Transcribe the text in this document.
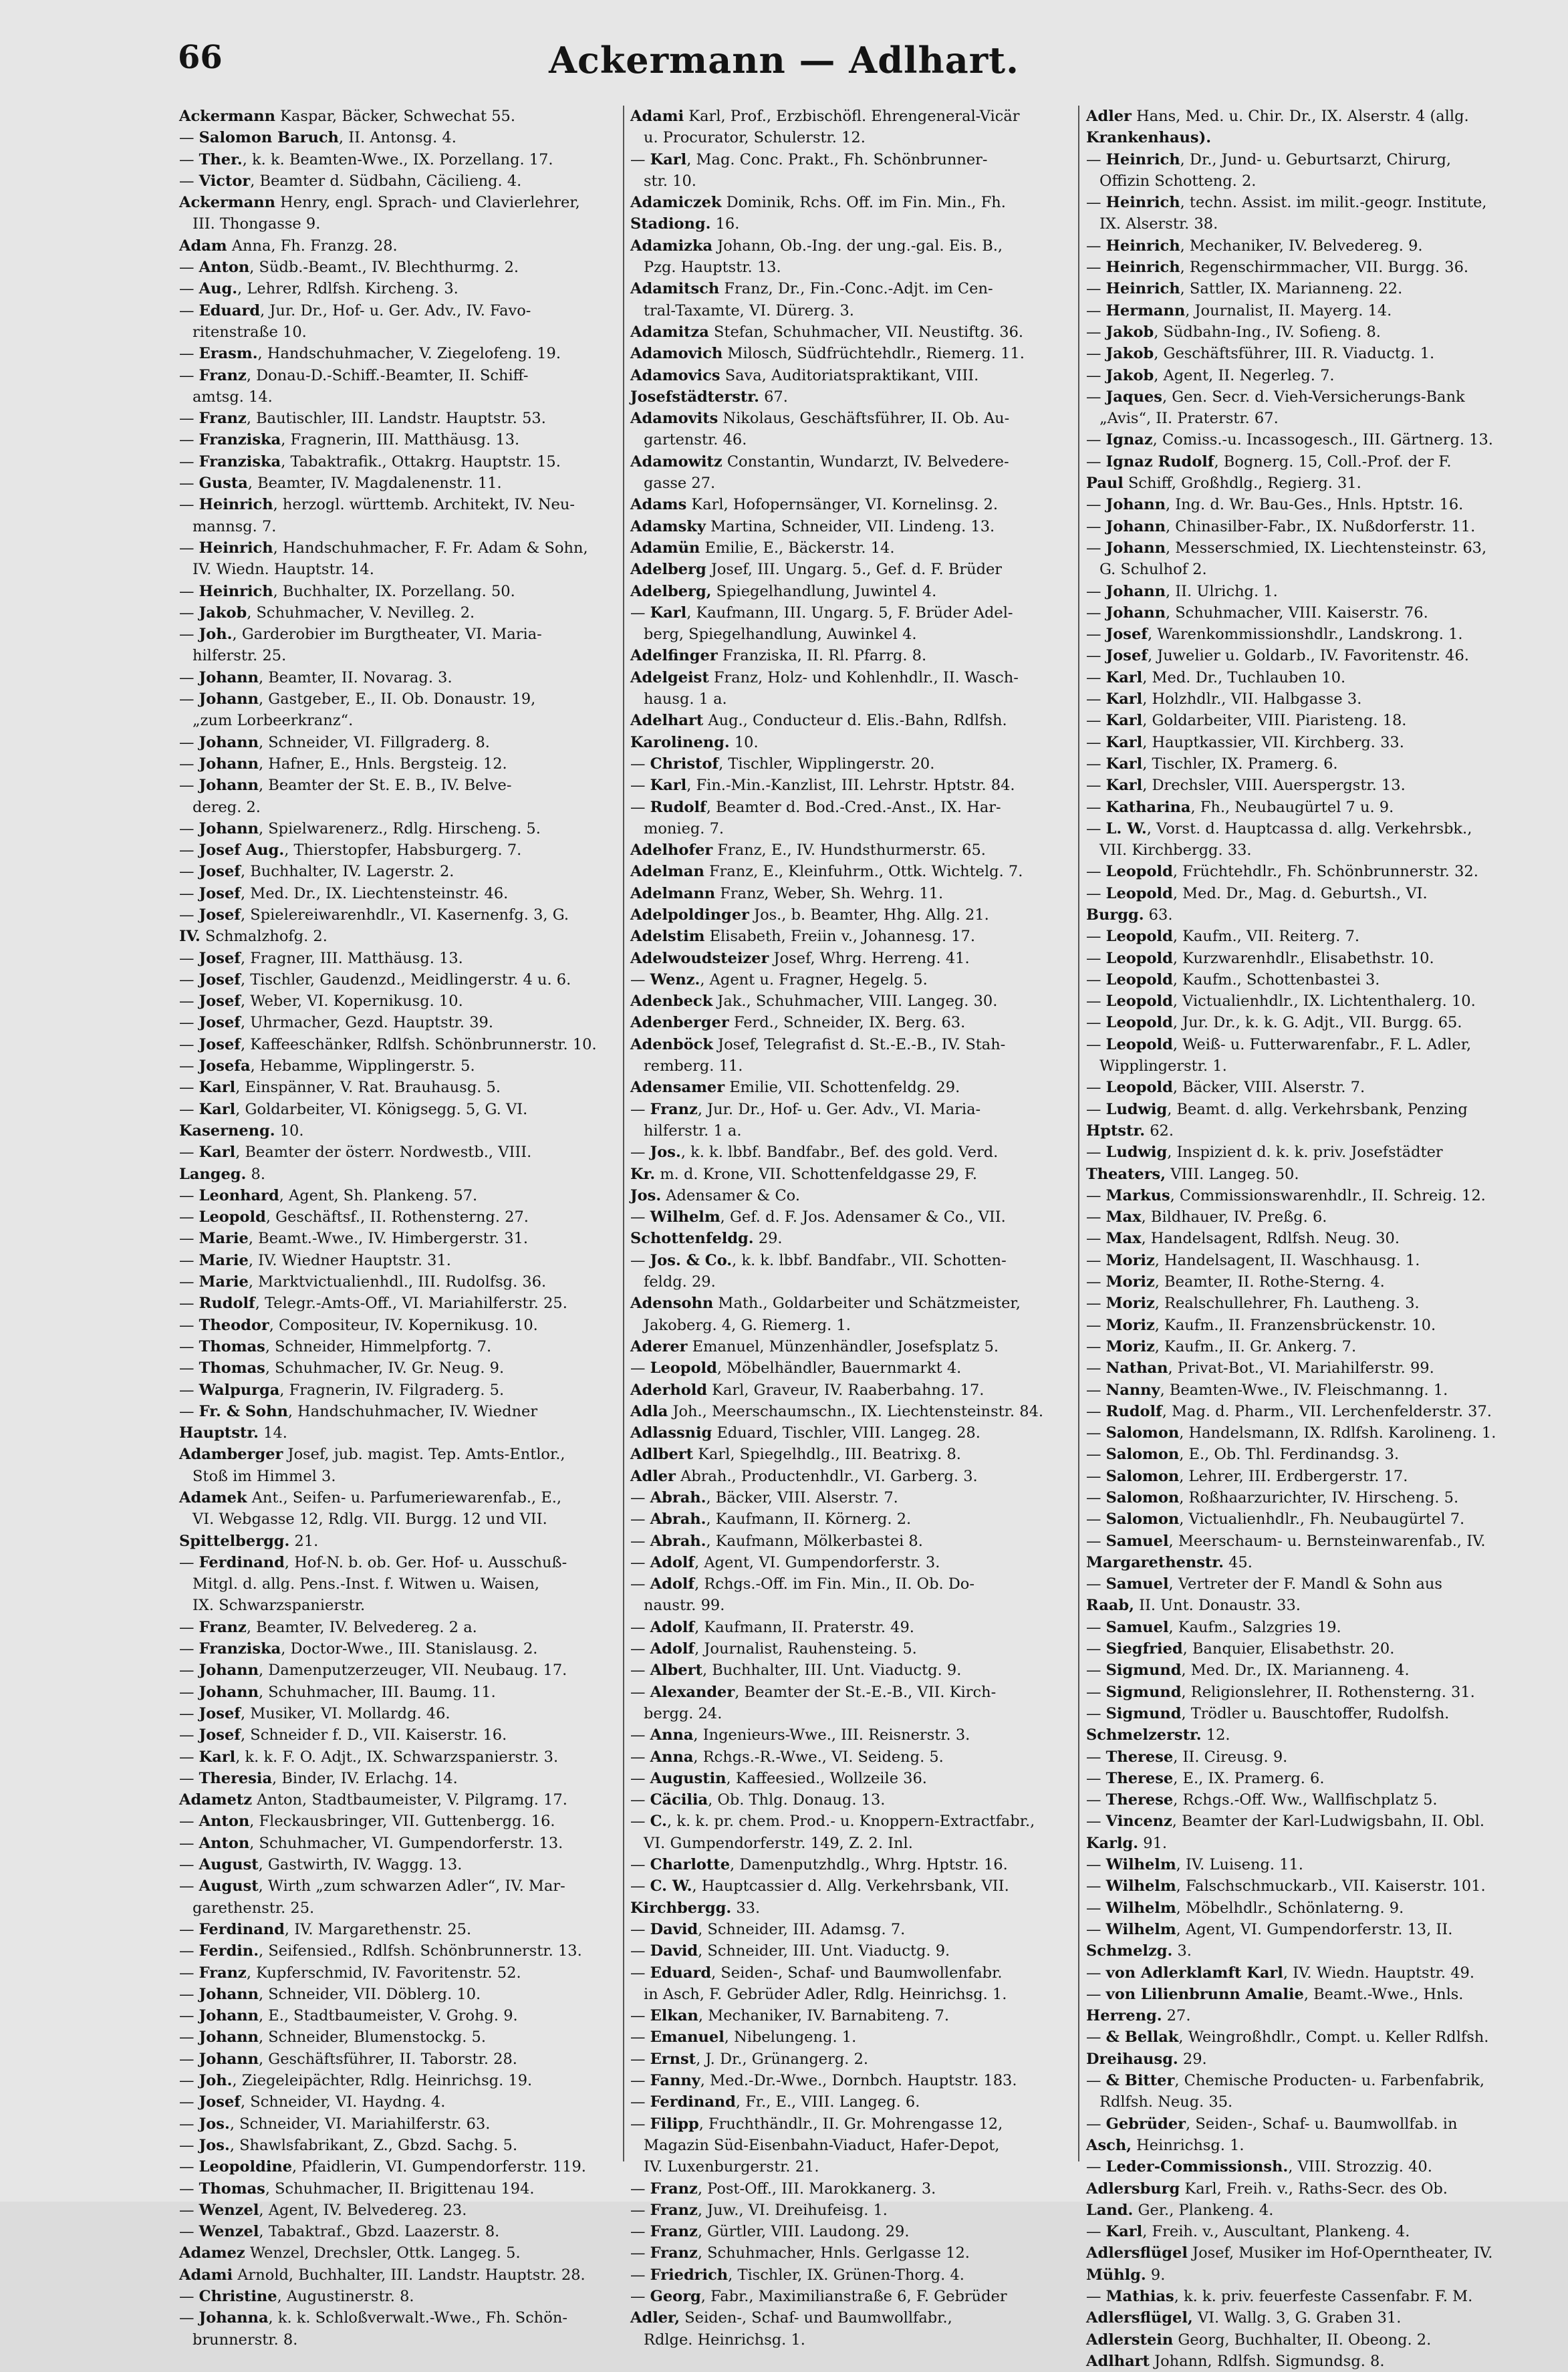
66	Ackermann — Adlhart.
Ackermann Kaspar, Bäcker, Schwechat 55.
— Salomon Baruch, II. Antonsg. 4.
— Ther., k. k. Beamten-Wwe., IX. Porzellang. 17.
— Victor, Beamter d. Südbahn, Cäcilieng. 4.
Ackermann Henry, engl. Sprach- und Clavierlehrer,
III. Thongasse 9.
Adam Anna, Fh. Franzg. 28.
— Anton, Südb.-Beamt., IV. Blechthurmg. 2.
— Aug., Lehrer, Rdlfsh. Kircheng. 3.
— Eduard, Jur. Dr., Hof- u. Ger. Adv., IV. Favo-
ritenstraße 10.
— Erasm., Handschuhmacher, V. Ziegelofeng. 19.
— Franz, Donau-D.-Schiff.-Beamter, II. Schiff-
amtsg. 14.
— Franz, Bautischler, III. Landstr. Hauptstr. 53.
— Franziska, Fragnerin, III. Matthäusg. 13.
— Franziska, Tabaktrafik., Ottakrg. Hauptstr. 15.
— Gusta, Beamter, IV. Magdalenenstr. 11.
— Heinrich, herzogl. württemb. Architekt, IV. Neu-
mannsg. 7.
— Heinrich, Handschuhmacher, F. Fr. Adam & Sohn,
IV. Wiedn. Hauptstr. 14.
— Heinrich, Buchhalter, IX. Porzellang. 50.
— Jakob, Schuhmacher, V. Nevilleg. 2.
— Joh., Garderobier im Burgtheater, VI. Maria-
hilferstr. 25.
— Johann, Beamter, II. Novarag. 3.
— Johann, Gastgeber, E., II. Ob. Donaustr. 19,
„zum Lorbeerkranz“.
— Johann, Schneider, VI. Fillgraderg. 8.
— Johann, Hafner, E., Hnls. Bergsteig. 12.
— Johann, Beamter der St. E. B., IV. Belve-
dereg. 2.
— Johann, Spielwarenerz., Rdlg. Hirscheng. 5.
— Josef Aug., Thierstopfer, Habsburgerg. 7.
— Josef, Buchhalter, IV. Lagerstr. 2.
— Josef, Med. Dr., IX. Liechtensteinstr. 46.
— Josef, Spielereiwarenhdlr., VI. Kasernenfg. 3, G.
IV. Schmalzhofg. 2.
— Josef, Fragner, III. Matthäusg. 13.
— Josef, Tischler, Gaudenzd., Meidlingerstr. 4 u. 6.
— Josef, Weber, VI. Kopernikusg. 10.
— Josef, Uhrmacher, Gezd. Hauptstr. 39.
— Josef, Kaffeeschänker, Rdlfsh. Schönbrunnerstr. 10.
— Josefa, Hebamme, Wipplingerstr. 5.
— Karl, Einspänner, V. Rat. Brauhausg. 5.
— Karl, Goldarbeiter, VI. Königsegg. 5, G. VI.
Kaserneng. 10.
— Karl, Beamter der österr. Nordwestb., VIII.
Langeg. 8.
— Leonhard, Agent, Sh. Plankeng. 57.
— Leopold, Geschäftsf., II. Rothensterng. 27.
— Marie, Beamt.-Wwe., IV. Himbergerstr. 31.
— Marie, IV. Wiedner Hauptstr. 31.
— Marie, Marktvictualienhdl., III. Rudolfsg. 36.
— Rudolf, Telegr.-Amts-Off., VI. Mariahilferstr. 25.
— Theodor, Compositeur, IV. Kopernikusg. 10.
— Thomas, Schneider, Himmelpfortg. 7.
— Thomas, Schuhmacher, IV. Gr. Neug. 9.
— Walpurga, Fragnerin, IV. Filgraderg. 5.
— Fr. & Sohn, Handschuhmacher, IV. Wiedner
Hauptstr. 14.
Adamberger Josef, jub. magist. Tep. Amts-Entlor.,
Stoß im Himmel 3.
Adamek Ant., Seifen- u. Parfumeriewarenfab., E.,
VI. Webgasse 12, Rdlg. VII. Burgg. 12 und VII.
Spittelbergg. 21.
— Ferdinand, Hof-N. b. ob. Ger. Hof- u. Ausschuß-
Mitgl. d. allg. Pens.-Inst. f. Witwen u. Waisen,
IX. Schwarzspanierstr.
— Franz, Beamter, IV. Belvedereg. 2 a.
— Franziska, Doctor-Wwe., III. Stanislausg. 2.
— Johann, Damenputzerzeuger, VII. Neubaug. 17.
— Johann, Schuhmacher, III. Baumg. 11.
— Josef, Musiker, VI. Mollardg. 46.
— Josef, Schneider f. D., VII. Kaiserstr. 16.
— Karl, k. k. F. O. Adjt., IX. Schwarzspanierstr. 3.
— Theresia, Binder, IV. Erlachg. 14.
Adametz Anton, Stadtbaumeister, V. Pilgramg. 17.
— Anton, Fleckausbringer, VII. Guttenbergg. 16.
— Anton, Schuhmacher, VI. Gumpendorferstr. 13.
— August, Gastwirth, IV. Waggg. 13.
— August, Wirth „zum schwarzen Adler“, IV. Mar-
garethenstr. 25.
— Ferdinand, IV. Margarethenstr. 25.
— Ferdin., Seifensied., Rdlfsh. Schönbrunnerstr. 13.
— Franz, Kupferschmid, IV. Favoritenstr. 52.
— Johann, Schneider, VII. Döblerg. 10.
— Johann, E., Stadtbaumeister, V. Grohg. 9.
— Johann, Schneider, Blumenstockg. 5.
— Johann, Geschäftsführer, II. Taborstr. 28.
— Joh., Ziegeleipächter, Rdlg. Heinrichsg. 19.
— Josef, Schneider, VI. Haydng. 4.
— Jos., Schneider, VI. Mariahilferstr. 63.
— Jos., Shawlsfabrikant, Z., Gbzd. Sachg. 5.
— Leopoldine, Pfaidlerin, VI. Gumpendorferstr. 119.
— Thomas, Schuhmacher, II. Brigittenau 194.
— Wenzel, Agent, IV. Belvedereg. 23.
— Wenzel, Tabaktraf., Gbzd. Laazerstr. 8.
Adamez Wenzel, Drechsler, Ottk. Langeg. 5.
Adami Arnold, Buchhalter, III. Landstr. Hauptstr. 28.
— Christine, Augustinerstr. 8.
— Johanna, k. k. Schloßverwalt.-Wwe., Fh. Schön-
brunnerstr. 8.
Adami Karl, Prof., Erzbischöfl. Ehrengeneral-Vicär
u. Procurator, Schulerstr. 12.
— Karl, Mag. Conc. Prakt., Fh. Schönbrunner-
str. 10.
Adamiczek Dominik, Rchs. Off. im Fin. Min., Fh.
Stadiong. 16.
Adamizka Johann, Ob.-Ing. der ung.-gal. Eis. B.,
Pzg. Hauptstr. 13.
Adamitsch Franz, Dr., Fin.-Conc.-Adjt. im Cen-
tral-Taxamte, VI. Dürerg. 3.
Adamitza Stefan, Schuhmacher, VII. Neustiftg. 36.
Adamovich Milosch, Südfrüchtehdlr., Riemerg. 11.
Adamovics Sava, Auditoriatspraktikant, VIII.
Josefstädterstr. 67.
Adamovits Nikolaus, Geschäftsführer, II. Ob. Au-
gartenstr. 46.
Adamowitz Constantin, Wundarzt, IV. Belvedere-
gasse 27.
Adams Karl, Hofopernsänger, VI. Kornelinsg. 2.
Adamsky Martina, Schneider, VII. Lindeng. 13.
Adamün Emilie, E., Bäckerstr. 14.
Adelberg Josef, III. Ungarg. 5., Gef. d. F. Brüder
Adelberg, Spiegelhandlung, Juwintel 4.
— Karl, Kaufmann, III. Ungarg. 5, F. Brüder Adel-
berg, Spiegelhandlung, Auwinkel 4.
Adelfinger Franziska, II. Rl. Pfarrg. 8.
Adelgeist Franz, Holz- und Kohlenhdlr., II. Wasch-
hausg. 1 a.
Adelhart Aug., Conducteur d. Elis.-Bahn, Rdlfsh.
Karolineng. 10.
— Christof, Tischler, Wipplingerstr. 20.
— Karl, Fin.-Min.-Kanzlist, III. Lehrstr. Hptstr. 84.
— Rudolf, Beamter d. Bod.-Cred.-Anst., IX. Har-
monieg. 7.
Adelhofer Franz, E., IV. Hundsthurmerstr. 65.
Adelman Franz, E., Kleinfuhrm., Ottk. Wichtelg. 7.
Adelmann Franz, Weber, Sh. Wehrg. 11.
Adelpoldinger Jos., b. Beamter, Hhg. Allg. 21.
Adelstim Elisabeth, Freiin v., Johannesg. 17.
Adelwoudsteizer Josef, Whrg. Herreng. 41.
— Wenz., Agent u. Fragner, Hegelg. 5.
Adenbeck Jak., Schuhmacher, VIII. Langeg. 30.
Adenberger Ferd., Schneider, IX. Berg. 63.
Adenböck Josef, Telegrafist d. St.-E.-B., IV. Stah-
remberg. 11.
Adensamer Emilie, VII. Schottenfeldg. 29.
— Franz, Jur. Dr., Hof- u. Ger. Adv., VI. Maria-
hilferstr. 1 a.
— Jos., k. k. lbbf. Bandfabr., Bef. des gold. Verd.
Kr. m. d. Krone, VII. Schottenfeldgasse 29, F.
Jos. Adensamer & Co.
— Wilhelm, Gef. d. F. Jos. Adensamer & Co., VII.
Schottenfeldg. 29.
— Jos. & Co., k. k. lbbf. Bandfabr., VII. Schotten-
feldg. 29.
Adensohn Math., Goldarbeiter und Schätzmeister,
Jakoberg. 4, G. Riemerg. 1.
Aderer Emanuel, Münzenhändler, Josefsplatz 5.
— Leopold, Möbelhändler, Bauernmarkt 4.
Aderhold Karl, Graveur, IV. Raaberbahng. 17.
Adla Joh., Meerschaumschn., IX. Liechtensteinstr. 84.
Adlassnig Eduard, Tischler, VIII. Langeg. 28.
Adlbert Karl, Spiegelhdlg., III. Beatrixg. 8.
Adler Abrah., Productenhdlr., VI. Garberg. 3.
— Abrah., Bäcker, VIII. Alserstr. 7.
— Abrah., Kaufmann, II. Körnerg. 2.
— Abrah., Kaufmann, Mölkerbastei 8.
— Adolf, Agent, VI. Gumpendorferstr. 3.
— Adolf, Rchgs.-Off. im Fin. Min., II. Ob. Do-
naustr. 99.
— Adolf, Kaufmann, II. Praterstr. 49.
— Adolf, Journalist, Rauhensteing. 5.
— Albert, Buchhalter, III. Unt. Viaductg. 9.
— Alexander, Beamter der St.-E.-B., VII. Kirch-
bergg. 24.
— Anna, Ingenieurs-Wwe., III. Reisnerstr. 3.
— Anna, Rchgs.-R.-Wwe., VI. Seideng. 5.
— Augustin, Kaffeesied., Wollzeile 36.
— Cäcilia, Ob. Thlg. Donaug. 13.
— C., k. k. pr. chem. Prod.- u. Knoppern-Extractfabr.,
VI. Gumpendorferstr. 149, Z. 2. Inl.
— Charlotte, Damenputzhdlg., Whrg. Hptstr. 16.
— C. W., Hauptcassier d. Allg. Verkehrsbank, VII.
Kirchbergg. 33.
— David, Schneider, III. Adamsg. 7.
— David, Schneider, III. Unt. Viaductg. 9.
— Eduard, Seiden-, Schaf- und Baumwollenfabr.
in Asch, F. Gebrüder Adler, Rdlg. Heinrichsg. 1.
— Elkan, Mechaniker, IV. Barnabiteng. 7.
— Emanuel, Nibelungeng. 1.
— Ernst, J. Dr., Grünangerg. 2.
— Fanny, Med.-Dr.-Wwe., Dornbch. Hauptstr. 183.
— Ferdinand, Fr., E., VIII. Langeg. 6.
— Filipp, Fruchthändlr., II. Gr. Mohrengasse 12,
Magazin Süd-Eisenbahn-Viaduct, Hafer-Depot,
IV. Luxenburgerstr. 21.
— Franz, Post-Off., III. Marokkanerg. 3.
— Franz, Juw., VI. Dreihufeisg. 1.
— Franz, Gürtler, VIII. Laudong. 29.
— Franz, Schuhmacher, Hnls. Gerlgasse 12.
— Friedrich, Tischler, IX. Grünen-Thorg. 4.
— Georg, Fabr., Maximilianstraße 6, F. Gebrüder
Adler, Seiden-, Schaf- und Baumwollfabr.,
Rdlge. Heinrichsg. 1.
Adler Hans, Med. u. Chir. Dr., IX. Alserstr. 4 (allg.
Krankenhaus).
— Heinrich, Dr., Jund- u. Geburtsarzt, Chirurg,
Offizin Schotteng. 2.
— Heinrich, techn. Assist. im milit.-geogr. Institute,
IX. Alserstr. 38.
— Heinrich, Mechaniker, IV. Belvedereg. 9.
— Heinrich, Regenschirmmacher, VII. Burgg. 36.
— Heinrich, Sattler, IX. Marianneng. 22.
— Hermann, Journalist, II. Mayerg. 14.
— Jakob, Südbahn-Ing., IV. Sofieng. 8.
— Jakob, Geschäftsführer, III. R. Viaductg. 1.
— Jakob, Agent, II. Negerleg. 7.
— Jaques, Gen. Secr. d. Vieh-Versicherungs-Bank
„Avis“, II. Praterstr. 67.
— Ignaz, Comiss.-u. Incassogesch., III. Gärtnerg. 13.
— Ignaz Rudolf, Bognerg. 15, Coll.-Prof. der F.
Paul Schiff, Großhdlg., Regierg. 31.
— Johann, Ing. d. Wr. Bau-Ges., Hnls. Hptstr. 16.
— Johann, Chinasilber-Fabr., IX. Nußdorferstr. 11.
— Johann, Messerschmied, IX. Liechtensteinstr. 63,
G. Schulhof 2.
— Johann, II. Ulrichg. 1.
— Johann, Schuhmacher, VIII. Kaiserstr. 76.
— Josef, Warenkommissionshdlr., Landskrong. 1.
— Josef, Juwelier u. Goldarb., IV. Favoritenstr. 46.
— Karl, Med. Dr., Tuchlauben 10.
— Karl, Holzhdlr., VII. Halbgasse 3.
— Karl, Goldarbeiter, VIII. Piaristeng. 18.
— Karl, Hauptkassier, VII. Kirchberg. 33.
— Karl, Tischler, IX. Pramerg. 6.
— Karl, Drechsler, VIII. Auerspergstr. 13.
— Katharina, Fh., Neubaugürtel 7 u. 9.
— L. W., Vorst. d. Hauptcassa d. allg. Verkehrsbk.,
VII. Kirchbergg. 33.
— Leopold, Früchtehdlr., Fh. Schönbrunnerstr. 32.
— Leopold, Med. Dr., Mag. d. Geburtsh., VI.
Burgg. 63.
— Leopold, Kaufm., VII. Reiterg. 7.
— Leopold, Kurzwarenhdlr., Elisabethstr. 10.
— Leopold, Kaufm., Schottenbastei 3.
— Leopold, Victualienhdlr., IX. Lichtenthalerg. 10.
— Leopold, Jur. Dr., k. k. G. Adjt., VII. Burgg. 65.
— Leopold, Weiß- u. Futterwarenfabr., F. L. Adler,
Wipplingerstr. 1.
— Leopold, Bäcker, VIII. Alserstr. 7.
— Ludwig, Beamt. d. allg. Verkehrsbank, Penzing
Hptstr. 62.
— Ludwig, Inspizient d. k. k. priv. Josefstädter
Theaters, VIII. Langeg. 50.
— Markus, Commissionswarenhdlr., II. Schreig. 12.
— Max, Bildhauer, IV. Preßg. 6.
— Max, Handelsagent, Rdlfsh. Neug. 30.
— Moriz, Handelsagent, II. Waschhausg. 1.
— Moriz, Beamter, II. Rothe-Sterng. 4.
— Moriz, Realschullehrer, Fh. Lautheng. 3.
— Moriz, Kaufm., II. Franzensbrückenstr. 10.
— Moriz, Kaufm., II. Gr. Ankerg. 7.
— Nathan, Privat-Bot., VI. Mariahilferstr. 99.
— Nanny, Beamten-Wwe., IV. Fleischmanng. 1.
— Rudolf, Mag. d. Pharm., VII. Lerchenfelderstr. 37.
— Salomon, Handelsmann, IX. Rdlfsh. Karolineng. 1.
— Salomon, E., Ob. Thl. Ferdinandsg. 3.
— Salomon, Lehrer, III. Erdbergerstr. 17.
— Salomon, Roßhaarzurichter, IV. Hirscheng. 5.
— Salomon, Victualienhdlr., Fh. Neubaugürtel 7.
— Samuel, Meerschaum- u. Bernsteinwarenfab., IV.
Margarethenstr. 45.
— Samuel, Vertreter der F. Mandl & Sohn aus
Raab, II. Unt. Donaustr. 33.
— Samuel, Kaufm., Salzgries 19.
— Siegfried, Banquier, Elisabethstr. 20.
— Sigmund, Med. Dr., IX. Marianneng. 4.
— Sigmund, Religionslehrer, II. Rothensterng. 31.
— Sigmund, Trödler u. Bauschtoffer, Rudolfsh.
Schmelzerstr. 12.
— Therese, II. Cireusg. 9.
— Therese, E., IX. Pramerg. 6.
— Therese, Rchgs.-Off. Ww., Wallfischplatz 5.
— Vincenz, Beamter der Karl-Ludwigsbahn, II. Obl.
Karlg. 91.
— Wilhelm, IV. Luiseng. 11.
— Wilhelm, Falschschmuckarb., VII. Kaiserstr. 101.
— Wilhelm, Möbelhdlr., Schönlaterng. 9.
— Wilhelm, Agent, VI. Gumpendorferstr. 13, II.
Schmelzg. 3.
— von Adlerklamft Karl, IV. Wiedn. Hauptstr. 49.
— von Lilienbrunn Amalie, Beamt.-Wwe., Hnls.
Herreng. 27.
— & Bellak, Weingroßhdlr., Compt. u. Keller Rdlfsh.
Dreihausg. 29.
— & Bitter, Chemische Producten- u. Farbenfabrik,
Rdlfsh. Neug. 35.
— Gebrüder, Seiden-, Schaf- u. Baumwollfab. in
Asch, Heinrichsg. 1.
— Leder-Commissionsh., VIII. Strozzig. 40.
Adlersburg Karl, Freih. v., Raths-Secr. des Ob.
Land. Ger., Plankeng. 4.
— Karl, Freih. v., Auscultant, Plankeng. 4.
Adlersflügel Josef, Musiker im Hof-Operntheater, IV.
Mühlg. 9.
— Mathias, k. k. priv. feuerfeste Cassenfabr. F. M.
Adlersflügel, VI. Wallg. 3, G. Graben 31.
Adlerstein Georg, Buchhalter, II. Obeong. 2.
Adlhart Johann, Rdlfsh. Sigmundsg. 8.
